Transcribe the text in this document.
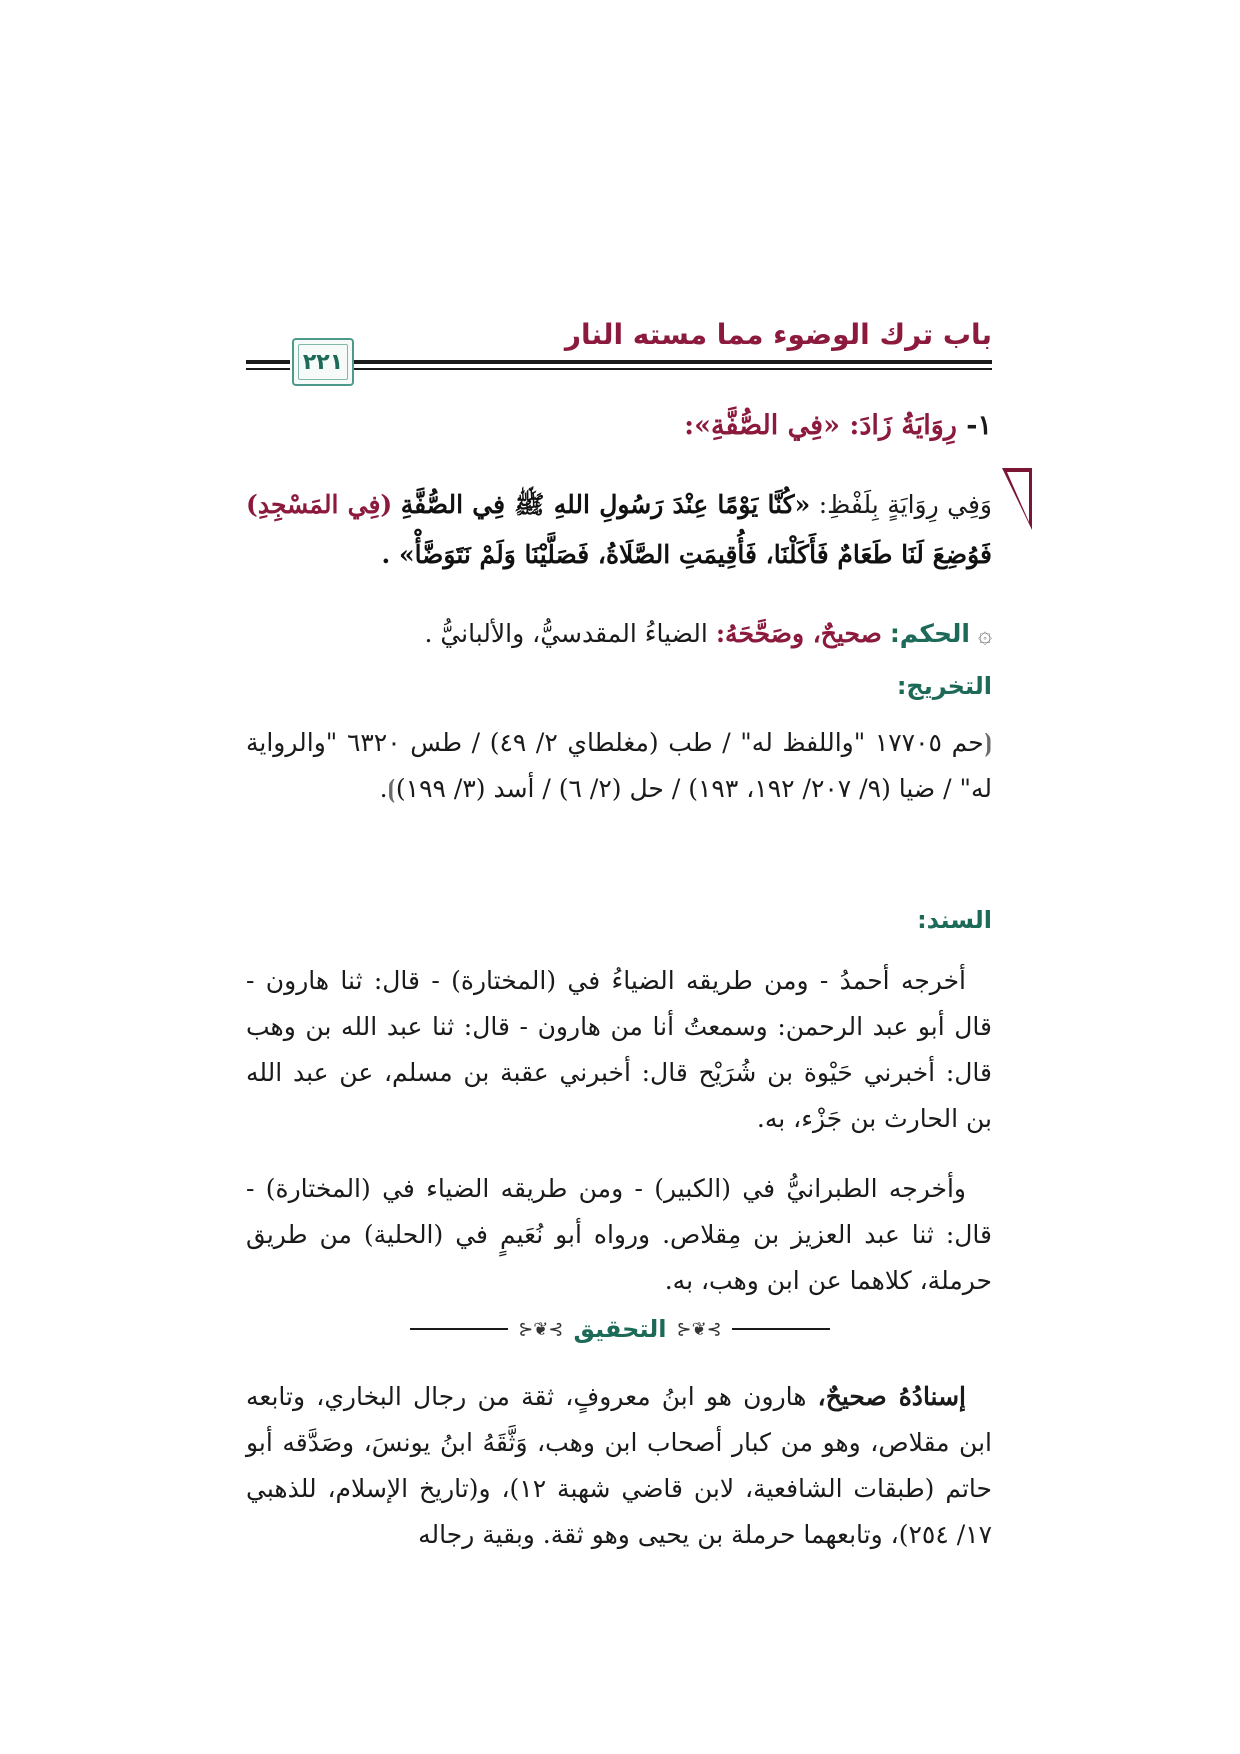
باب ترك الوضوء مما مسته النار
٢٢١
١- رِوَايَةُ زَادَ: «فِي الصُّفَّةِ»:
وَفِي رِوَايَةٍ بِلَفْظِ: «كُنَّا يَوْمًا عِنْدَ رَسُولِ اللهِ ﷺ فِي الصُّفَّةِ (فِي المَسْجِدِ) فَوُضِعَ لَنَا طَعَامٌ فَأَكَلْنَا، فَأُقِيمَتِ الصَّلَاةُ، فَصَلَّيْنَا وَلَمْ نَتَوَضَّأْ» .
۞الحكم: صحيحٌ، وصَحَّحَهُ: الضياءُ المقدسيُّ، والألبانيُّ .
التخريج:
⦗حم ١٧٧٠٥ "واللفظ له" / طب (مغلطاي ٢/ ٤٩) / طس ٦٣٢٠ "والرواية له" / ضيا (٩/ ٢٠٧/ ١٩٢، ١٩٣) / حل (٢/ ٦) / أسد (٣/ ١٩٩)⦘.
السند:
أخرجه أحمدُ - ومن طريقه الضياءُ في (المختارة) - قال: ثنا هارون - قال أبو عبد الرحمن: وسمعتُ أنا من هارون - قال: ثنا عبد الله بن وهب قال: أخبرني حَيْوة بن شُرَيْح قال: أخبرني عقبة بن مسلم، عن عبد الله بن الحارث بن جَزْء، به.
وأخرجه الطبرانيُّ في (الكبير) - ومن طريقه الضياء في (المختارة) - قال: ثنا عبد العزيز بن مِقلاص. ورواه أبو نُعَيمٍ في (الحلية) من طريق حرملة، كلاهما عن ابن وهب، به.
⊱❦⊰
التحقيق
⊱❦⊰
إسنادُهُ صحيحٌ، هارون هو ابنُ معروفٍ، ثقة من رجال البخاري، وتابعه ابن مقلاص، وهو من كبار أصحاب ابن وهب، وَثَّقَهُ ابنُ يونسَ، وصَدَّقه أبو حاتم (طبقات الشافعية، لابن قاضي شهبة ١٢)، و(تاريخ الإسلام، للذهبي ١٧/ ٢٥٤)، وتابعهما حرملة بن يحيى وهو ثقة. وبقية رجاله
